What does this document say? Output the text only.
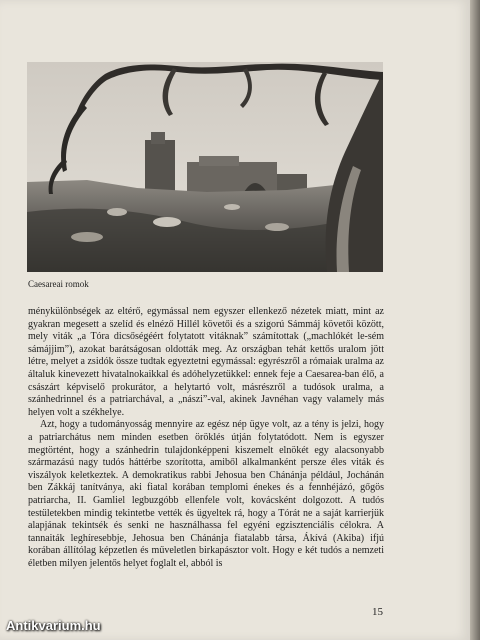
Caesareai romok

ménykülönbségek az eltérő, egymással nem egyszer ellenkező nézetek miatt, mint az gyakran megesett a szelíd és elnéző Hillél követői és a szigorú Sámmáj követői között, mely viták „a Tóra dicsőségéért folytatott vitáknak” számítottak („machlókét le-sém sámájjim”), azokat barátságosan oldották meg. Az országban tehát kettős uralom jött létre, melyet a zsidók össze tudtak egyeztetni egymással: egyrészről a rómaiak uralma az általuk kinevezett hivatalnokaikkal és adóhelyzetükkel: ennek feje a Caesarea-ban élő, a császárt képviselő prokurátor, a helytartó volt, másrészről a tudósok uralma, a szánhedrinnel és a patriarchával, a „nászi”-val, akinek Javnéhan vagy valamely más helyen volt a székhelye.

Azt, hogy a tudományosság mennyire az egész nép ügye volt, az a tény is jelzi, hogy a patriarchátus nem minden esetben öröklés útján folytatódott. Nem is egyszer megtörtént, hogy a szánhedrin tulajdonképpeni kiszemelt elnökét egy alacsonyabb származású nagy tudós háttérbe szorította, amiből alkalmanként persze éles viták és viszályok keletkeztek. A demokratikus rabbi Jehosua ben Chánánja például, Jochánán ben Zákkáj tanítványa, aki fiatal korában templomi énekes és a fennhéjázó, gőgös patriarcha, II. Gamliel legbuzgóbb ellenfele volt, kovácsként dolgozott. A tudós testületekben mindig tekintetbe vették és ügyeltek rá, hogy a Tórát ne a saját karrierjük alapjának tekintsék és senki ne használhassa fel egyéni egzisztenciális célokra. A tannaiták leghíresebbje, Jehosua ben Chánánja fiatalabb társa, Ákívá (Akiba) ifjú korában állítólag képzetlen és műveletlen birkapásztor volt. Hogy e két tudós a nemzeti életben milyen jelentős helyet foglalt el, abból is

15
Antikvarium.hu
